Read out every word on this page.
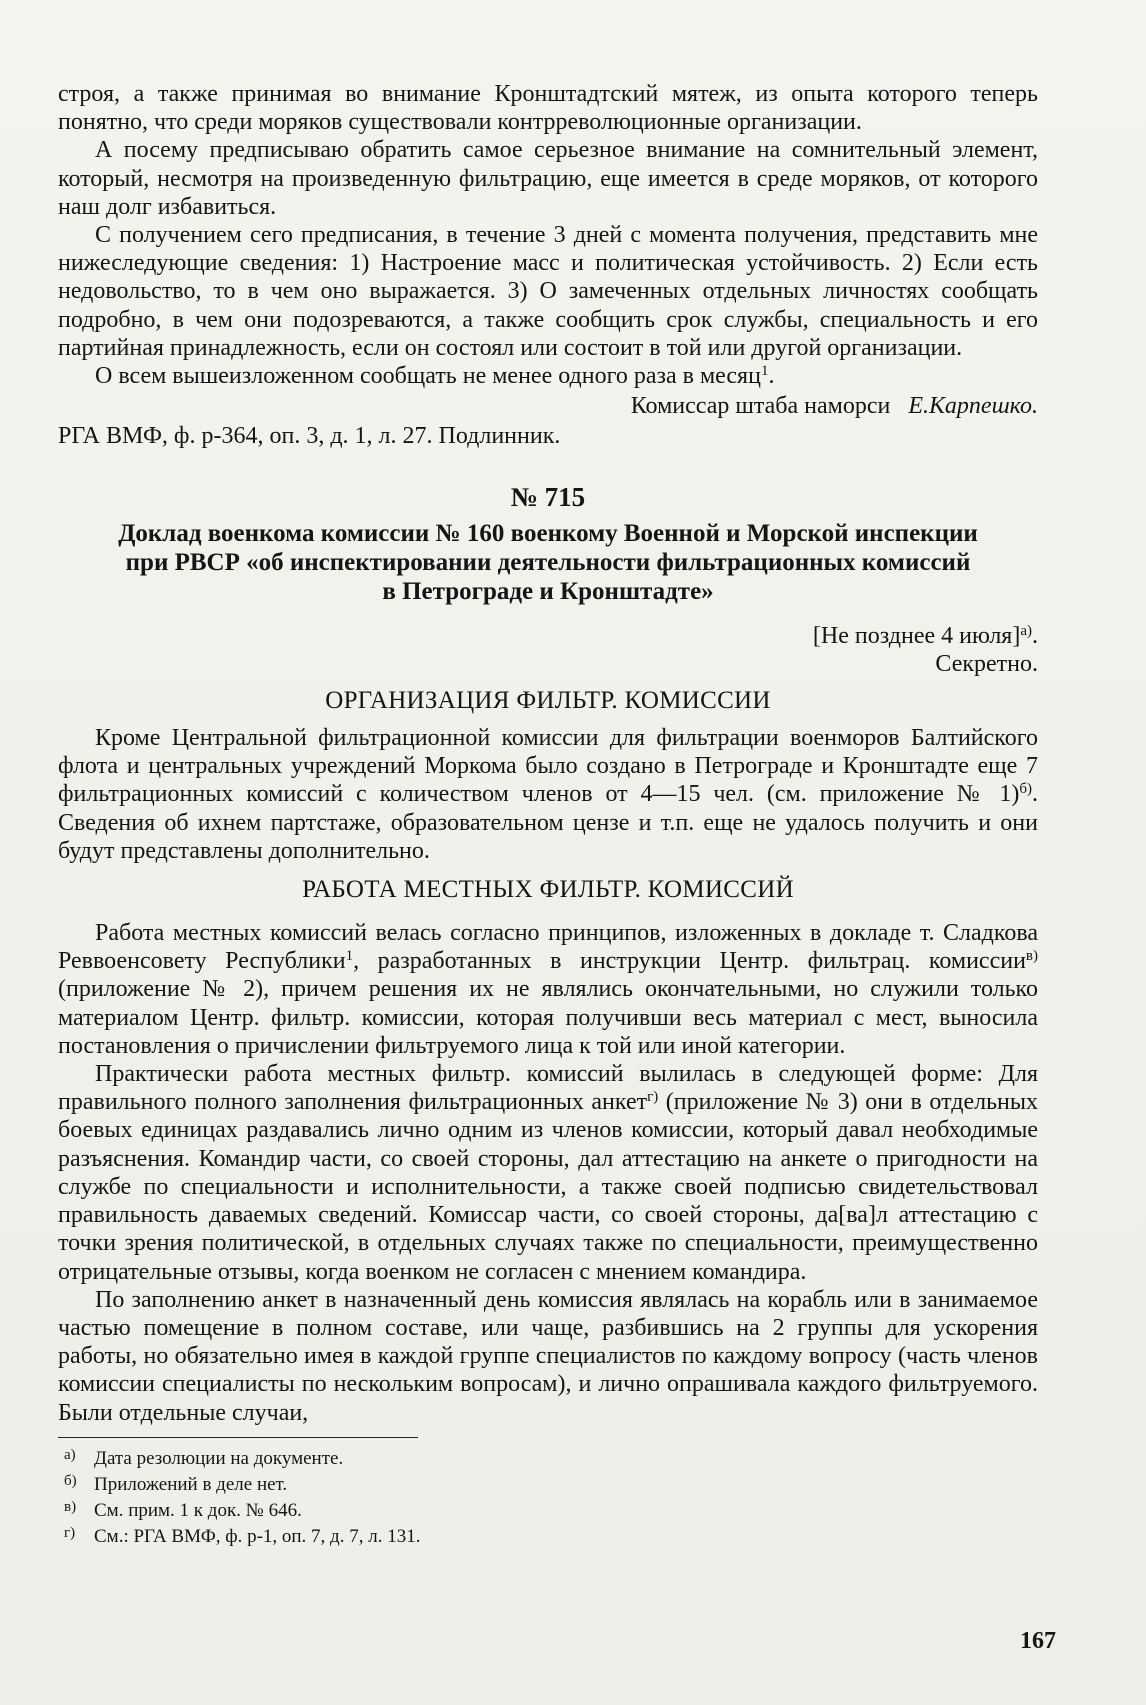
строя, а также принимая во внимание Кронштадтский мятеж, из опыта которого теперь понятно, что среди моряков существовали контрреволюционные организации.

А посему предписываю обратить самое серьезное внимание на сомнительный элемент, который, несмотря на произведенную фильтрацию, еще имеется в среде моряков, от которого наш долг избавиться.

С получением сего предписания, в течение 3 дней с момента получения, представить мне нижеследующие сведения: 1) Настроение масс и политическая устойчивость. 2) Если есть недовольство, то в чем оно выражается. 3) О замеченных отдельных личностях сообщать подробно, в чем они подозреваются, а также сообщить срок службы, специальность и его партийная принадлежность, если он состоял или состоит в той или другой организации.

О всем вышеизложенном сообщать не менее одного раза в месяц$^1$.

Комиссар штаба наморси Е.Карпешко.

РГА ВМФ, ф. р-364, оп. 3, д. 1, л. 27. Подлинник.

№ 715
Доклад военкома комиссии № 160 военкому Военной и Морской инспекции
при РВСР «об инспектировании деятельности фильтрационных комиссий
в Петрограде и Кронштадте»
[Не позднее 4 июля]$^{а)}$.
Секретно.
ОРГАНИЗАЦИЯ ФИЛЬТР. КОМИССИИ

Кроме Центральной фильтрационной комиссии для фильтрации военморов Балтийского флота и центральных учреждений Моркома было создано в Петрограде и Кронштадте еще 7 фильтрационных комиссий с количеством членов от 4—15 чел. (см. приложение № 1)$^{б)}$. Сведения об ихнем партстаже, образовательном цензе и т.п. еще не удалось получить и они будут представлены дополнительно.

РАБОТА МЕСТНЫХ ФИЛЬТР. КОМИССИЙ

Работа местных комиссий велась согласно принципов, изложенных в докладе т. Сладкова Реввоенсовету Республики$^1$, разработанных в инструкции Центр. фильтрац. комиссии$^{в)}$ (приложение № 2), причем решения их не являлись окончательными, но служили только материалом Центр. фильтр. комиссии, которая получивши весь материал с мест, выносила постановления о причислении фильтруемого лица к той или иной категории.

Практически работа местных фильтр. комиссий вылилась в следующей форме: Для правильного полного заполнения фильтрационных анкет$^{г)}$ (приложение № 3) они в отдельных боевых единицах раздавались лично одним из членов комиссии, который давал необходимые разъяснения. Командир части, со своей стороны, дал аттестацию на анкете о пригодности на службе по специальности и исполнительности, а также своей подписью свидетельствовал правильность даваемых сведений. Комиссар части, со своей стороны, да[ва]л аттестацию с точки зрения политической, в отдельных случаях также по специальности, преимущественно отрицательные отзывы, когда военком не согласен с мнением командира.

По заполнению анкет в назначенный день комиссия являлась на корабль или в занимаемое частью помещение в полном составе, или чаще, разбившись на 2 группы для ускорения работы, но обязательно имея в каждой группе специалистов по каждому вопросу (часть членов комиссии специалисты по нескольким вопросам), и лично опрашивала каждого фильтруемого. Были отдельные случаи,

а) Дата резолюции на документе.
б) Приложений в деле нет.
в) См. прим. 1 к док. № 646.
г) См.: РГА ВМФ, ф. р-1, оп. 7, д. 7, л. 131.
167
